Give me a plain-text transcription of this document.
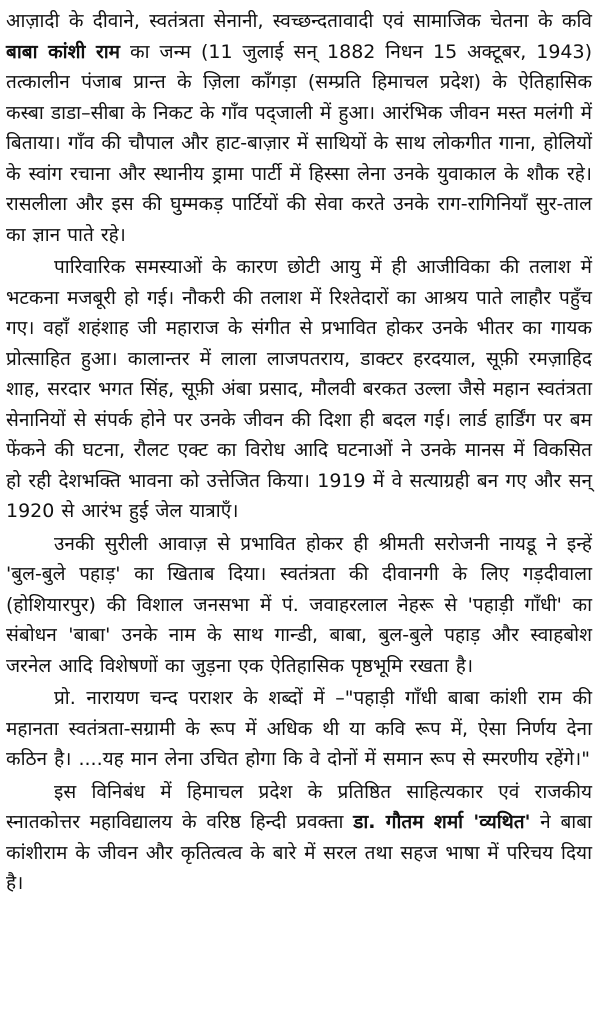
आज़ादी के दीवाने, स्वतंत्रता सेनानी, स्वच्छन्दतावादी एवं सामाजिक चेतना के कवि बाबा कांशी राम का जन्म (11 जुलाई सन् 1882 निधन 15 अक्टूबर, 1943) तत्कालीन पंजाब प्रान्त के ज़िला काँगड़ा (सम्प्रति हिमाचल प्रदेश) के ऐतिहासिक कस्बा डाडा–सीबा के निकट के गाँव पद्‌जाली में हुआ। आरंभिक जीवन मस्त मलंगी में बिताया। गाँव की चौपाल और हाट-बाज़ार में साथियों के साथ लोकगीत गाना, होलियों के स्वांग रचाना और स्थानीय ड्रामा पार्टी में हिस्सा लेना उनके युवाकाल के शौक रहे। रासलीला और इस की घुम्मकड़ पार्टियों की सेवा करते उनके राग-रागिनियाँ सुर-ताल का ज्ञान पाते रहे।

पारिवारिक समस्याओं के कारण छोटी आयु में ही आजीविका की तलाश में भटकना मजबूरी हो गई। नौकरी की तलाश में रिश्तेदारों का आश्रय पाते लाहौर पहुँच गए। वहाँ शहंशाह जी महाराज के संगीत से प्रभावित होकर उनके भीतर का गायक प्रोत्साहित हुआ। कालान्तर में लाला लाजपतराय, डाक्टर हरदयाल, सूफ़ी रमज़ाहिद शाह, सरदार भगत सिंह, सूफ़ी अंबा प्रसाद, मौलवी बरकत उल्ला जैसे महान स्वतंत्रता सेनानियों से संपर्क होने पर उनके जीवन की दिशा ही बदल गई। लार्ड हार्डिंग पर बम फेंकने की घटना, रौलट एक्ट का विरोध आदि घटनाओं ने उनके मानस में विकसित हो रही देशभक्ति भावना को उत्तेजित किया। 1919 में वे सत्याग्रही बन गए और सन् 1920 से आरंभ हुई जेल यात्राएँ।

उनकी सुरीली आवाज़ से प्रभावित होकर ही श्रीमती सरोजनी नायडू ने इन्हें 'बुल-बुले पहाड़' का खिताब दिया। स्वतंत्रता की दीवानगी के लिए गड़दीवाला (होशियारपुर) की विशाल जनसभा में पं. जवाहरलाल नेहरू से 'पहाड़ी गाँधी' का संबोधन 'बाबा' उनके नाम के साथ गान्डी, बाबा, बुल-बुले पहाड़ और स्वाहबोश जरनेल आदि विशेषणों का जुड़ना एक ऐतिहासिक पृष्ठभूमि रखता है।

प्रो. नारायण चन्द पराशर के शब्दों में –"पहाड़ी गाँधी बाबा कांशी राम की महानता स्वतंत्रता-सग्रामी के रूप में अधिक थी या कवि रूप में, ऐसा निर्णय देना कठिन है। ....यह मान लेना उचित होगा कि वे दोनों में समान रूप से स्मरणीय रहेंगे।"

इस विनिबंध में हिमाचल प्रदेश के प्रतिष्ठित साहित्यकार एवं राजकीय स्नातकोत्तर महाविद्यालय के वरिष्ठ हिन्दी प्रवक्ता डा. गौतम शर्मा 'व्यथित' ने बाबा कांशीराम के जीवन और कृतित्वत्व के बारे में सरल तथा सहज भाषा में परिचय दिया है।
